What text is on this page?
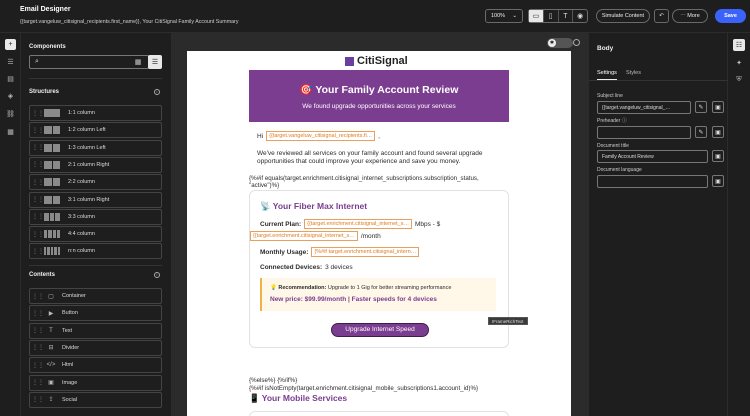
Email Designer
{{target.vangeluw_citisignal_recipients.first_name}}, Your CitiSignal Family Account Summary
100% ⌄	▭	▯	T	◉	Simulate Content	↶	⋯ More	Save
+
☰
▤
◈
⛓
▦
Components
⌕	▦	☰
Structures	i
⋮⋮	1:1 column
⋮⋮	1:2 column Left
⋮⋮	1:3 column Left
⋮⋮	2:1 column Right
⋮⋮	2:2 column
⋮⋮	3:1 column Right
⋮⋮	3:3 column
⋮⋮	4:4 column
⋮⋮	n:n column
Contents	i
⋮⋮ ▢	Container
⋮⋮ ▶	Button
⋮⋮ T	Text
⋮⋮ ⊟	Divider
⋮⋮ </> Html
⋮⋮ ▣	Image
⋮⋮ ⇪	Social
✱
CitiSignal
🎯 Your Family Account Review
We found upgrade opportunities across your services
Hi	{{target.vangeluw_citisignal_recipients.fi… ,
We've reviewed all services on your family account and found several upgrade opportunities that could improve your experience and save you money.
{%#if equals(target.enrichment.citisignal_internet_subscriptions.subscription_status,
"active")%}
📡 Your Fiber Max Internet
Current Plan:	{{target.enrichment.citisignal_internet_s… Mbps - $
{{target.enrichment.citisignal_internet_s… /month
Monthly Usage:	{%#if target.enrichment.citisignal_intern…
Connected Devices: 3 devices
💡 Recommendation: Upgrade to 1 Gig for better streaming performance
New price: $99.99/month | Faster speeds for 4 devices
Upgrade Internet Speed
{%else%} {%/if%}
{%#if isNotEmpty(target.enrichment.citisignal_mobile_subscriptions1.account_id)%}
📱 Your Mobile Services
IFrameRichText
Body
Settings Styles
Subject line
{{target.vangeluw_citisignal_…	✎	▣
Preheader ⓘ
✎	▣
Document title
Family Account Review	▣
Document language
▣
☷
✦
⛨
